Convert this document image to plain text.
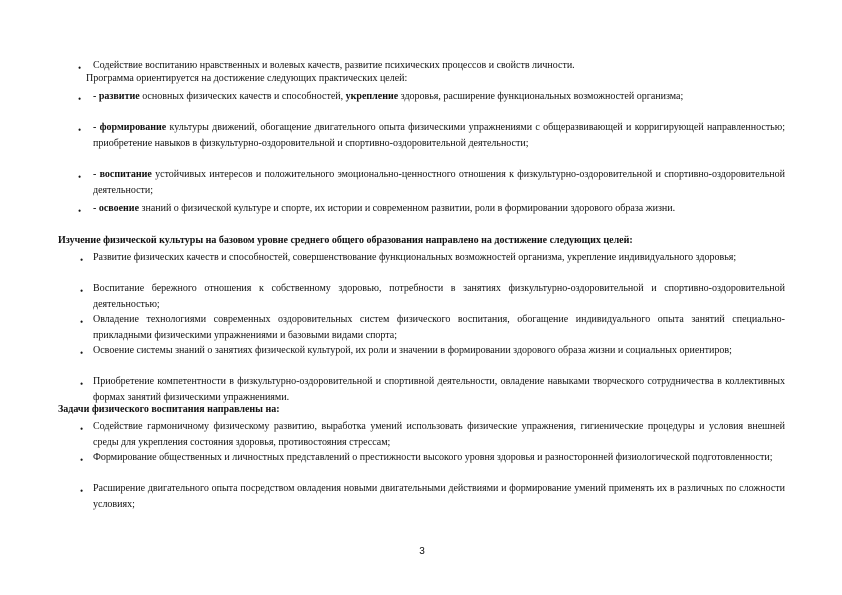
• Содействие воспитанию нравственных и волевых качеств, развитие психических процессов и свойств личности.
Программа ориентируется на достижение следующих практических целей:
• - развитие основных физических качеств и способностей, укрепление здоровья, расширение функциональных возможностей организма;
• - формирование культуры движений, обогащение двигательного опыта физическими упражнениями с общеразвивающей и корригирующей направленностью; приобретение навыков в физкультурно-оздоровительной и спортивно-оздоровительной деятельности;
• - воспитание устойчивых интересов и положительного эмоционально-ценностного отношения к физкультурно-оздоровительной и спортивно-оздоровительной деятельности;
• - освоение знаний о физической культуре и спорте, их истории и современном развитии, роли в формировании здорового образа жизни.
Изучение физической культуры на базовом уровне среднего общего образования направлено на достижение следующих целей:
• Развитие физических качеств и способностей, совершенствование функциональных возможностей организма, укрепление индивидуального здоровья;
• Воспитание бережного отношения к собственному здоровью, потребности в занятиях физкультурно-оздоровительной и спортивно-оздоровительной деятельностью;
• Овладение технологиями современных оздоровительных систем физического воспитания, обогащение индивидуального опыта занятий специально-прикладными физическими упражнениями и базовыми видами спорта;
• Освоение системы знаний о занятиях физической культурой, их роли и значении в формировании здорового образа жизни и социальных ориентиров;
• Приобретение компетентности в физкультурно-оздоровительной и спортивной деятельности, овладение навыками творческого сотрудничества в коллективных формах занятий физическими упражнениями.
Задачи физического воспитания направлены на:
• Содействие гармоничному физическому развитию, выработка умений использовать физические упражнения, гигиенические процедуры и условия внешней среды для укрепления состояния здоровья, противостояния стрессам;
• Формирование общественных и личностных представлений о престижности высокого уровня здоровья и разносторонней физиологической подготовленности;
• Расширение двигательного опыта посредством овладения новыми двигательными действиями и формирование умений применять их в различных по сложности условиях;
3
